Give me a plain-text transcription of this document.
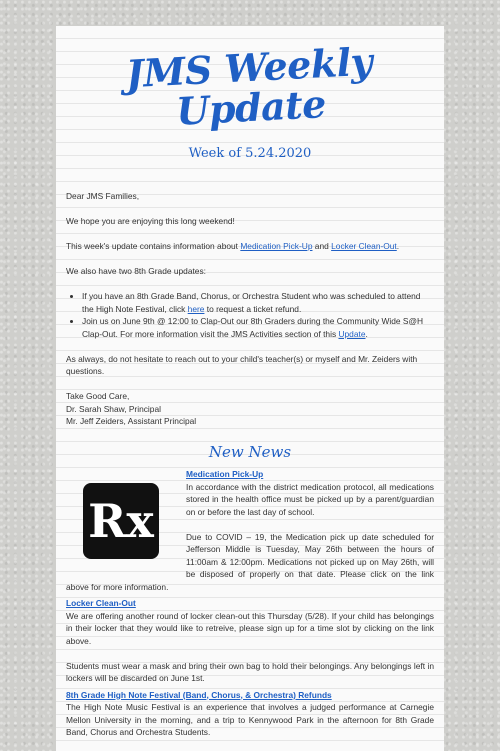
JMS Weekly
Update
Week of 5.24.2020

Dear JMS Families,

We hope you are enjoying this long weekend!

This week's update contains information about Medication Pick-Up and Locker Clean-Out.

We also have two 8th Grade updates:

• If you have an 8th Grade Band, Chorus, or Orchestra Student who was scheduled to attend the High Note Festival, click here to request a ticket refund.
• Join us on June 9th @ 12:00 to Clap-Out our 8th Graders during the Community Wide S@H Clap-Out. For more information visit the JMS Activities section of this Update.

As always, do not hesitate to reach out to your child's teacher(s) or myself and Mr. Zeiders with questions.

Take Good Care,
Dr. Sarah Shaw, Principal
Mr. Jeff Zeiders, Assistant Principal

New News
Rx
Medication Pick-Up

In accordance with the district medication protocol, all medications stored in the health office must be picked up by a parent/guardian on or before the last day of school.

Due to COVID – 19, the Medication pick up date scheduled for Jefferson Middle is Tuesday, May 26th between the hours of 11:00am & 12:00pm. Medications not picked up on May 26th, will be disposed of properly on that date. Please click on the link above for more information.

Locker Clean-Out

We are offering another round of locker clean-out this Thursday (5/28). If your child has belongings in their locker that they would like to retreive, please sign up for a time slot by clicking on the link above.

Students must wear a mask and bring their own bag to hold their belongings. Any belongings left in lockers will be discarded on June 1st.

8th Grade High Note Festival (Band, Chorus, & Orchestra) Refunds

The High Note Music Festival is an experience that involves a judged performance at Carnegie Mellon University in the morning, and a trip to Kennywood Park in the afternoon for 8th Grade Band, Chorus and Orchestra Students.
